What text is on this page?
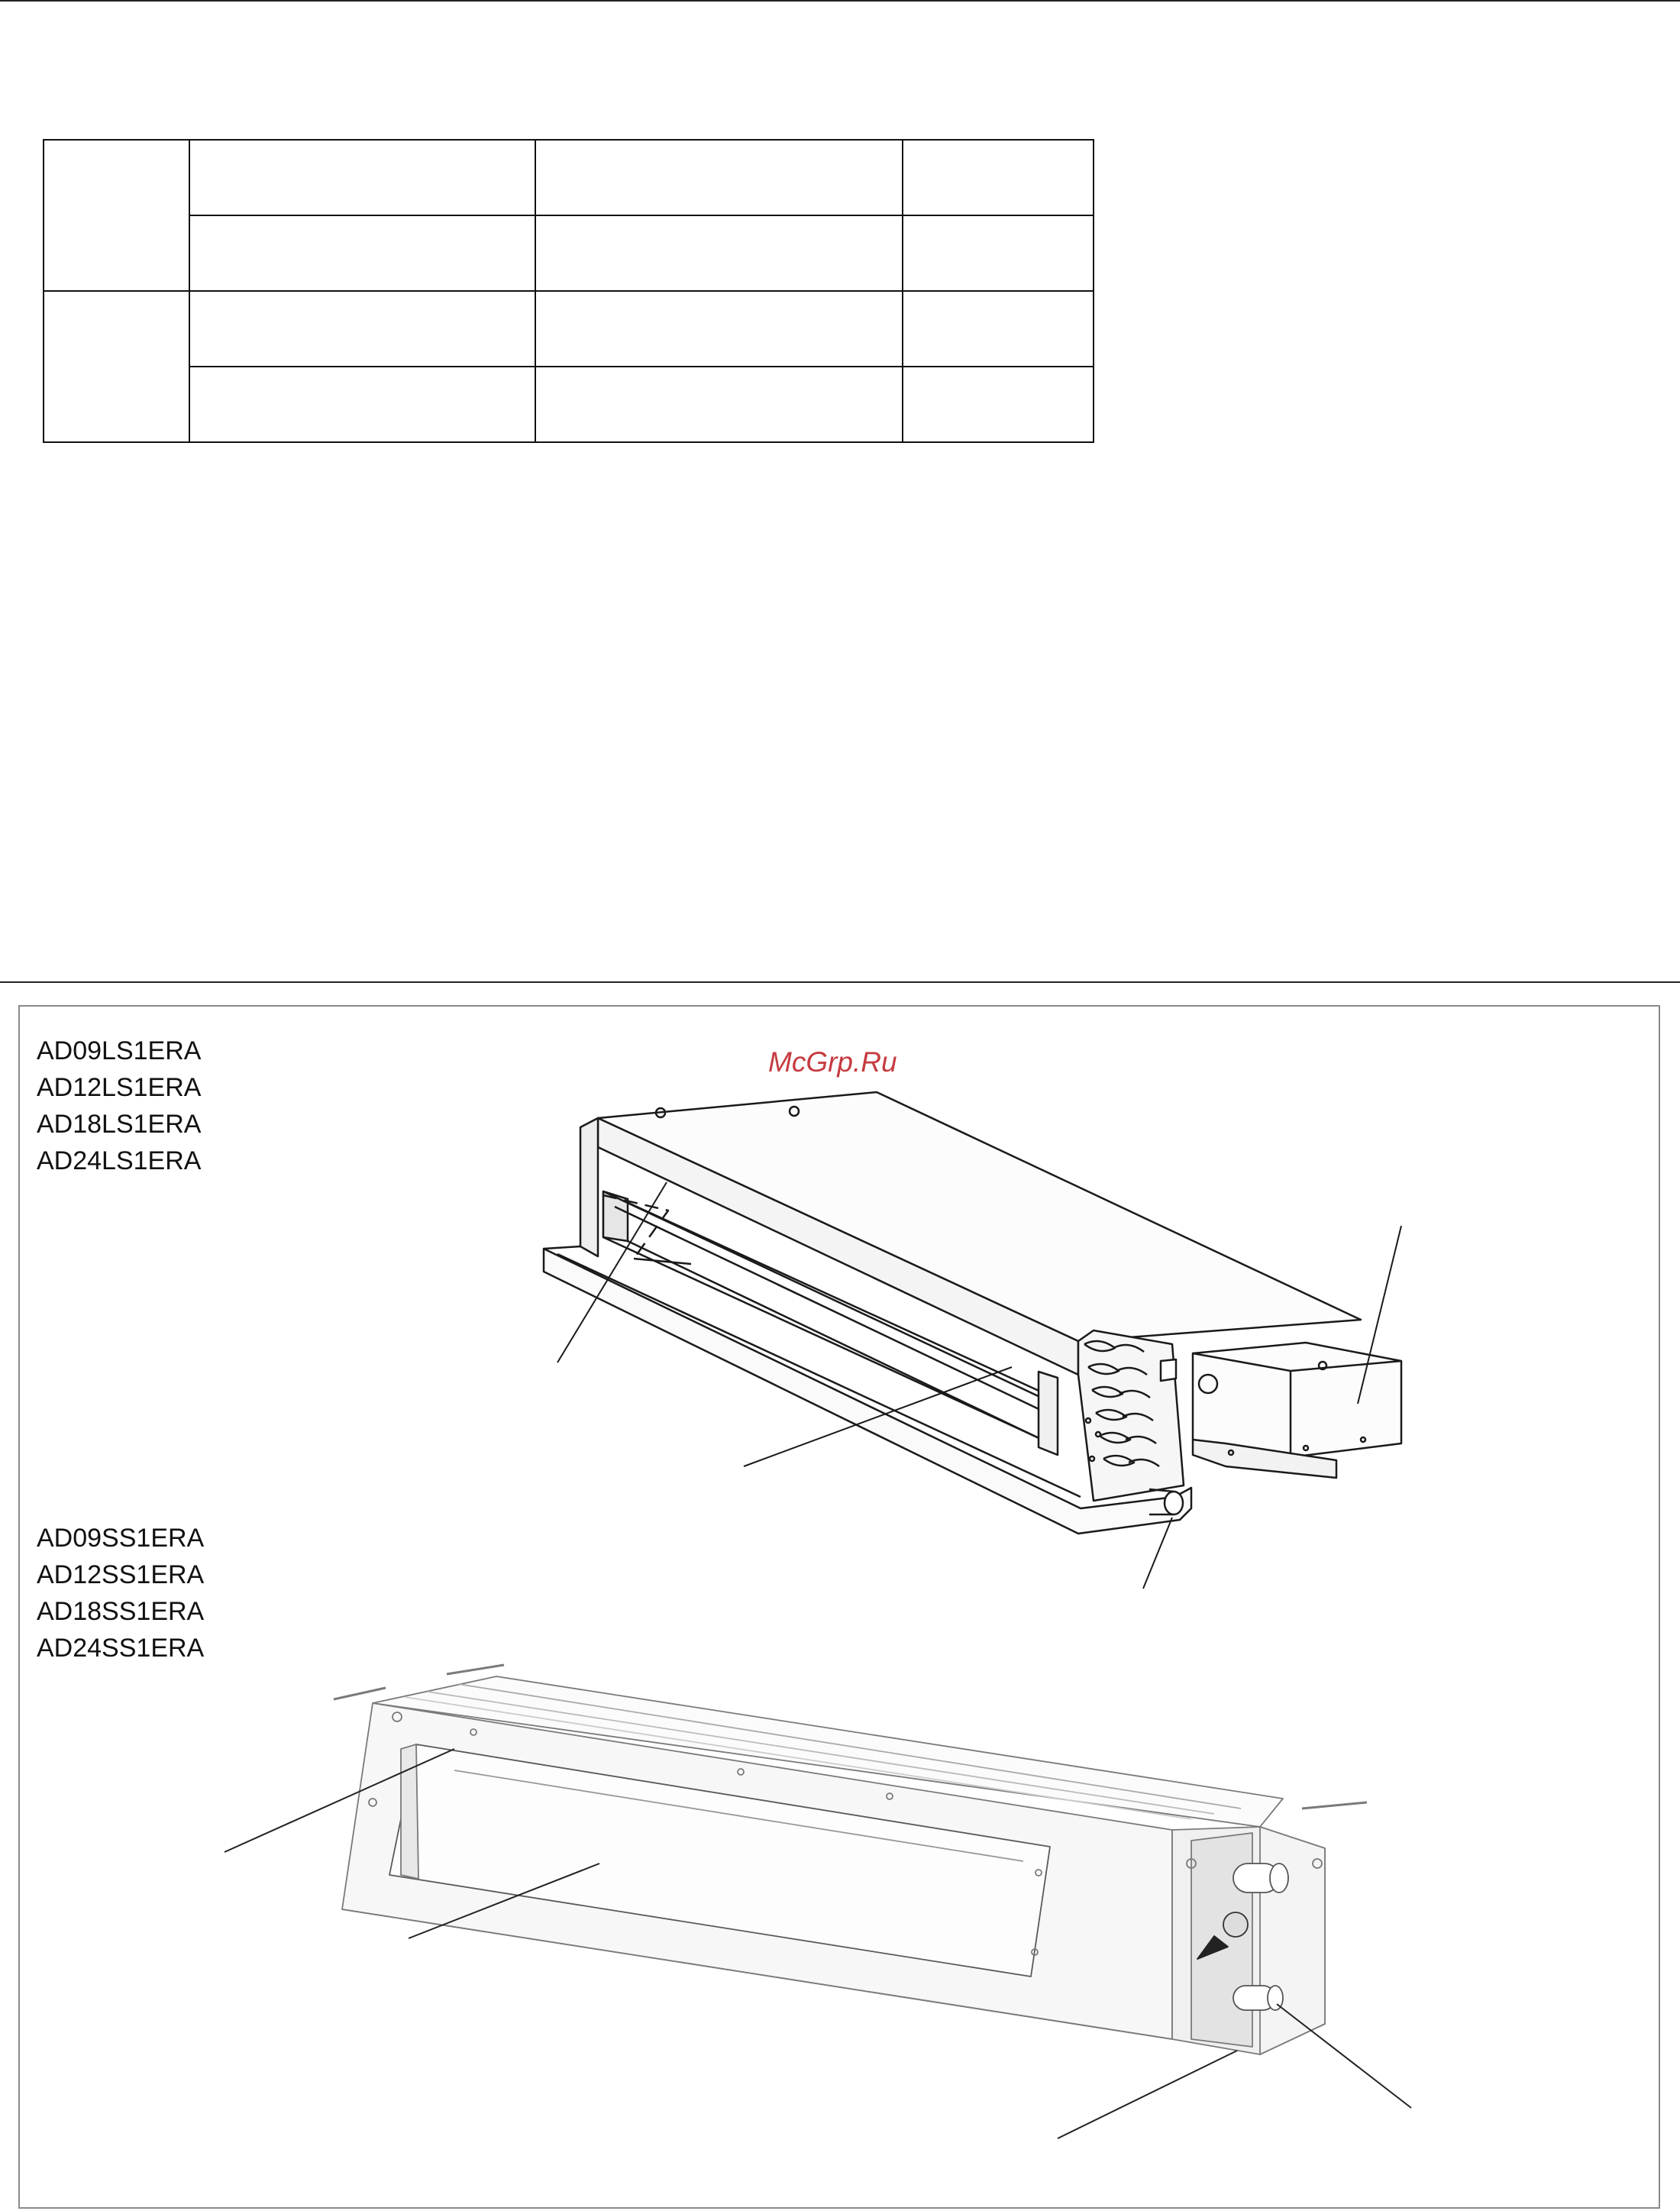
AD09LS1ERA
AD12LS1ERA
AD18LS1ERA
AD24LS1ERA
AD09SS1ERA
AD12SS1ERA
AD18SS1ERA
AD24SS1ERA
McGrp.Ru
